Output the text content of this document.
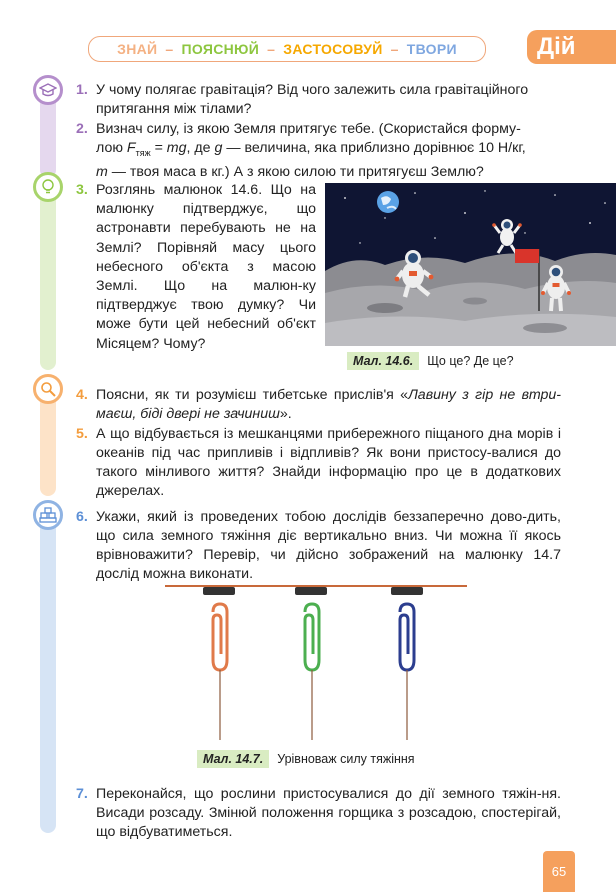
ЗНАЙ – ПОЯСНЮЙ – ЗАСТОСОВУЙ – ТВОРИ	Дій
1. У чому полягає гравітація? Від чого залежить сила гравітаційного притягання між тілами?
2. Визнач силу, із якою Земля притягує тебе. (Скористайся форму-
лою $F_{тяж}$ = mg, де g — величина, яка приблизно дорівнює 10 Н/кг,
m — твоя маса в кг.) А з якою силою ти притягуєш Землю?
3. Розглянь малюнок 14.6. Що на малюнку підтверджує, що астронавти перебувають не на Землі? Порівняй масу цього небесного об'єкта з масою Землі. Що на малюн-ку підтверджує твою думку? Чи може бути цей небесний об'єкт Місяцем? Чому?
Мал. 14.6.	Що це? Де це?
4. Поясни, як ти розумієш тибетське прислів'я «Лавину з гір не втри-маєш, біді двері не зачиниш».
5. А що відбувається із мешканцями прибережного піщаного дна морів і океанів під час припливів і відпливів? Як вони пристосу-валися до такого мінливого життя? Знайди інформацію про це в додаткових джерелах.
6. Укажи, який із проведених тобою дослідів беззаперечно дово-дить, що сила земного тяжіння діє вертикально вниз. Чи можна її якось врівноважити? Перевір, чи дійсно зображений на малюнку 14.7 дослід можна виконати.
Мал. 14.7.	Урівноваж силу тяжіння
7. Переконайся, що рослини пристосувалися до дії земного тяжін-ня. Висади розсаду. Змінюй положення горщика з розсадою, спостерігай, що відбуватиметься.
65
